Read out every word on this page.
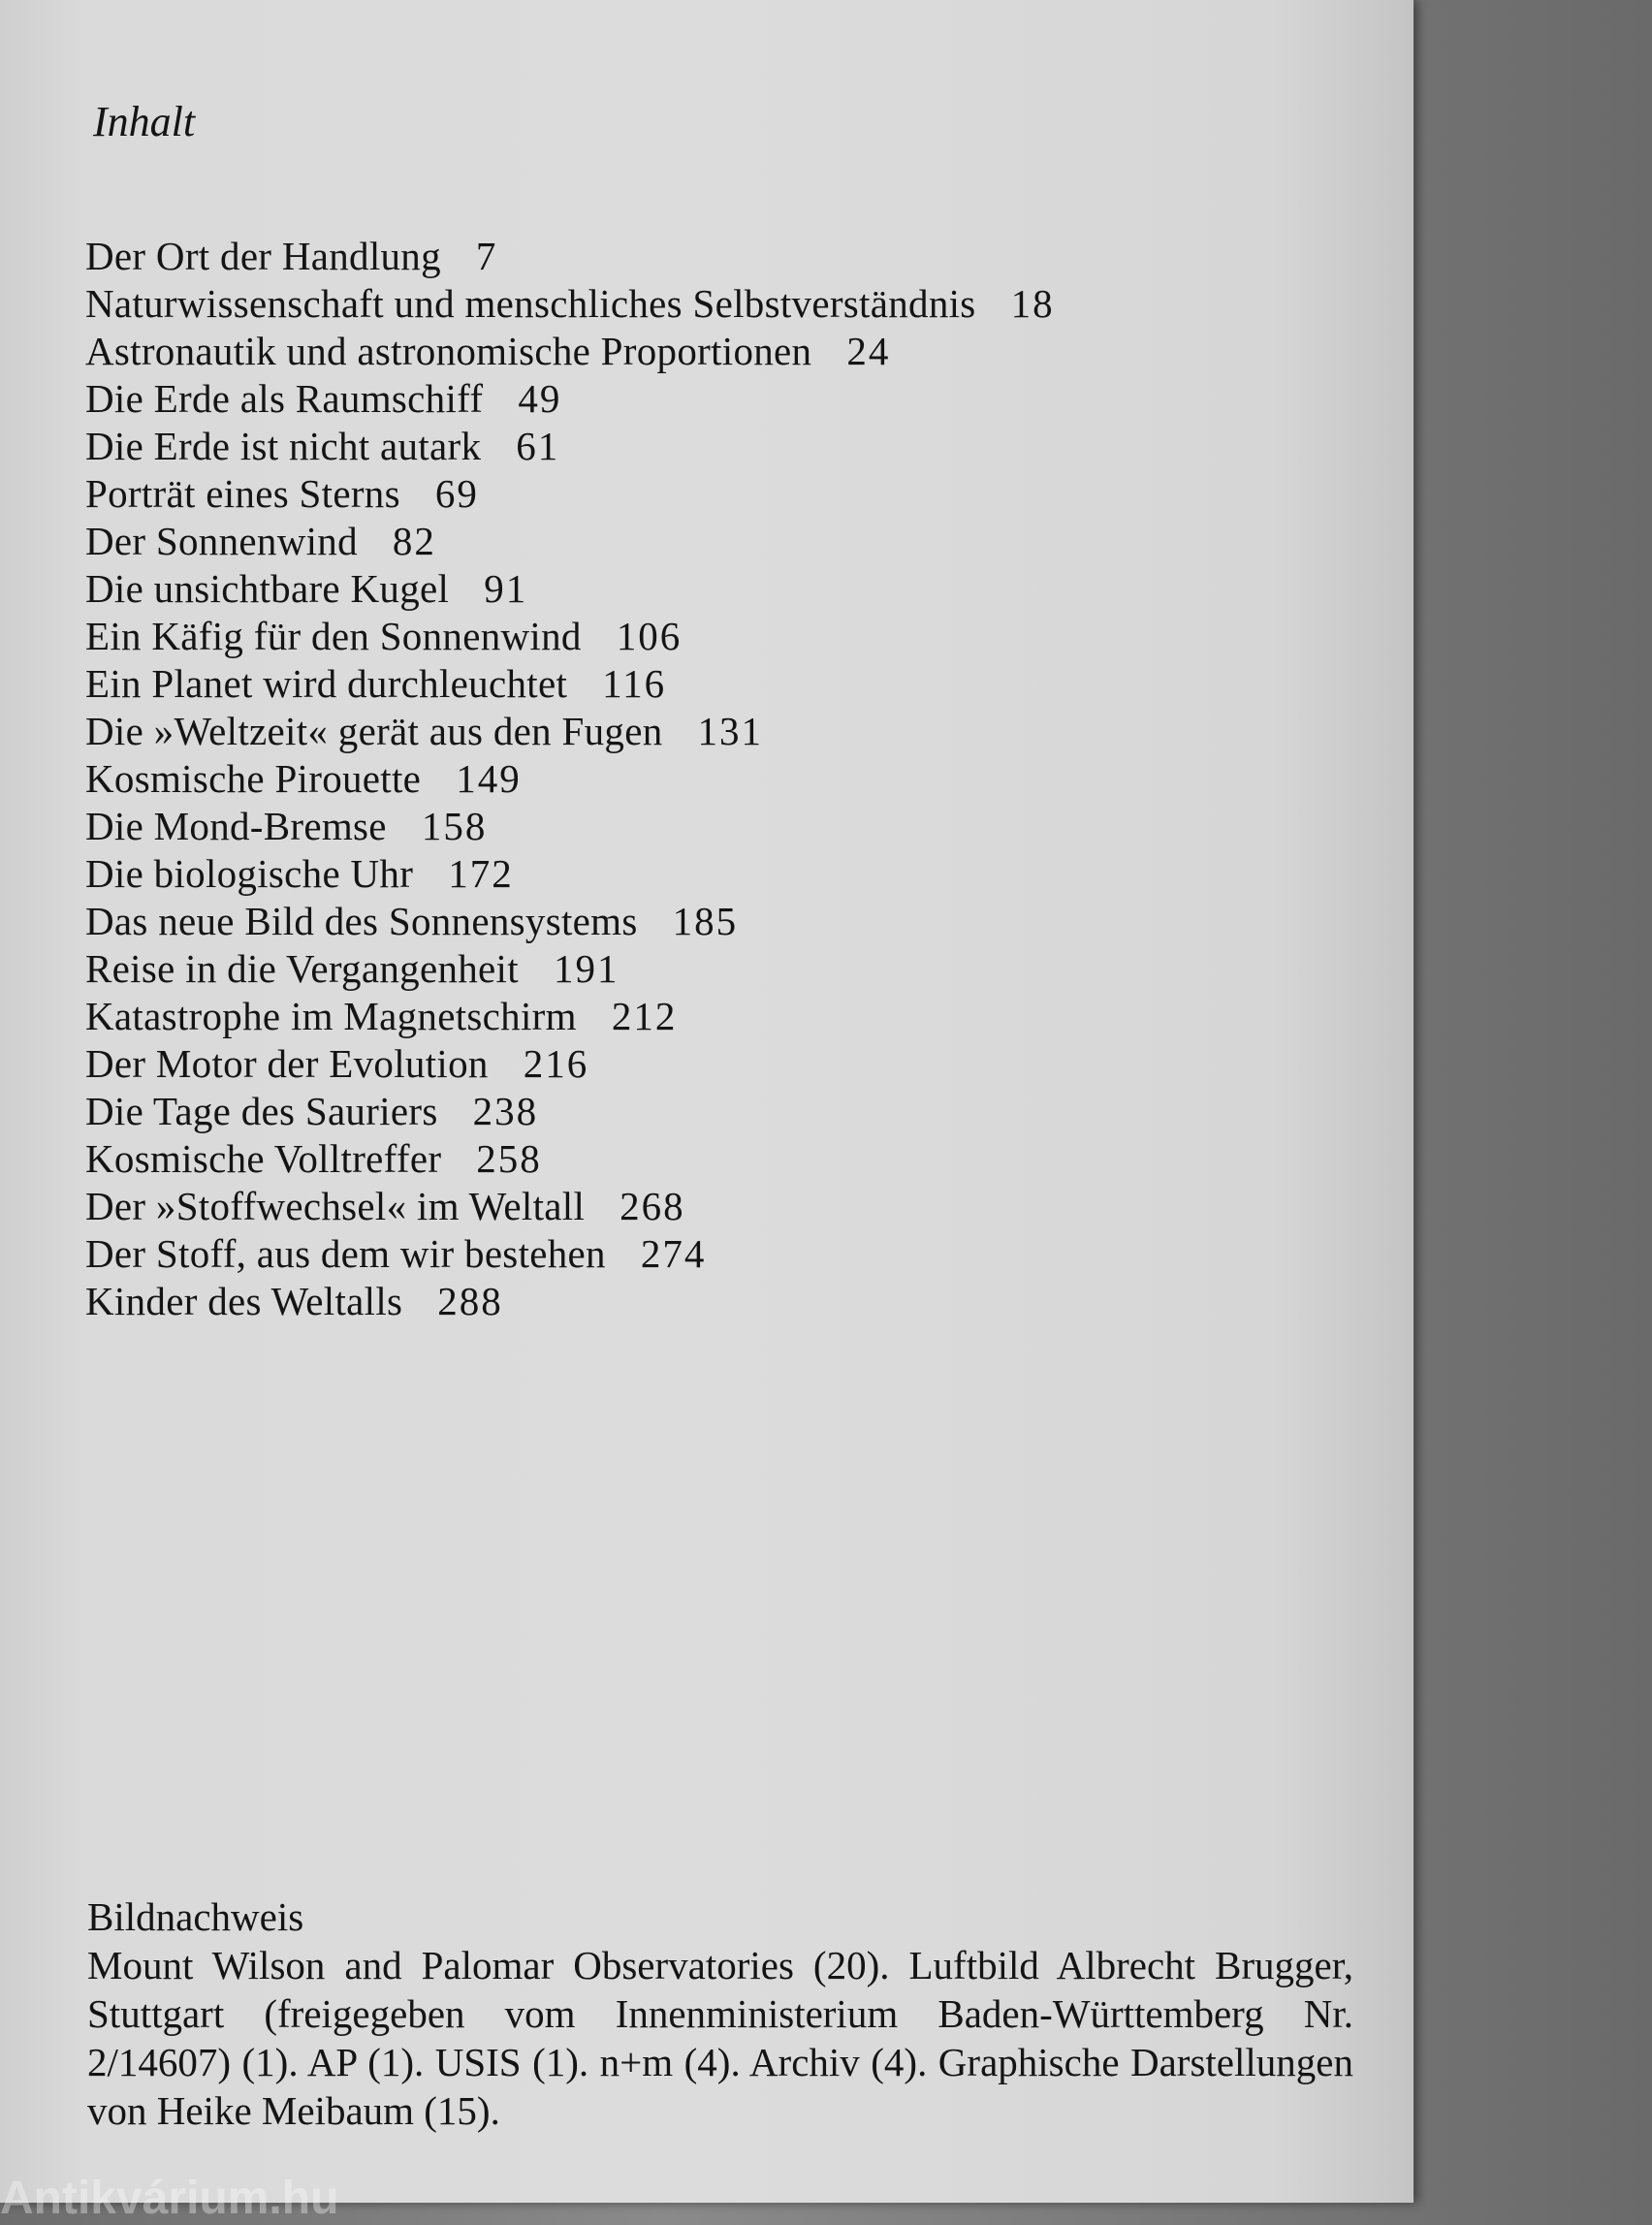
Inhalt
Der Ort der Handlung 7
Naturwissenschaft und menschliches Selbstverständnis 18
Astronautik und astronomische Proportionen 24
Die Erde als Raumschiff 49
Die Erde ist nicht autark 61
Porträt eines Sterns 69
Der Sonnenwind 82
Die unsichtbare Kugel 91
Ein Käfig für den Sonnenwind 106
Ein Planet wird durchleuchtet 116
Die »Weltzeit« gerät aus den Fugen 131
Kosmische Pirouette 149
Die Mond-Bremse 158
Die biologische Uhr 172
Das neue Bild des Sonnensystems 185
Reise in die Vergangenheit 191
Katastrophe im Magnetschirm 212
Der Motor der Evolution 216
Die Tage des Sauriers 238
Kosmische Volltreffer 258
Der »Stoffwechsel« im Weltall 268
Der Stoff, aus dem wir bestehen 274
Kinder des Weltalls 288
Bildnachweis
Mount Wilson and Palomar Observatories (20). Luftbild Albrecht Brugger, Stuttgart (freigegeben vom Innenministerium Baden-Württemberg Nr. 2/14607) (1). AP (1). USIS (1). n+m (4). Archiv (4). Graphische Darstellungen von Heike Meibaum (15).
Antikvárium.hu
